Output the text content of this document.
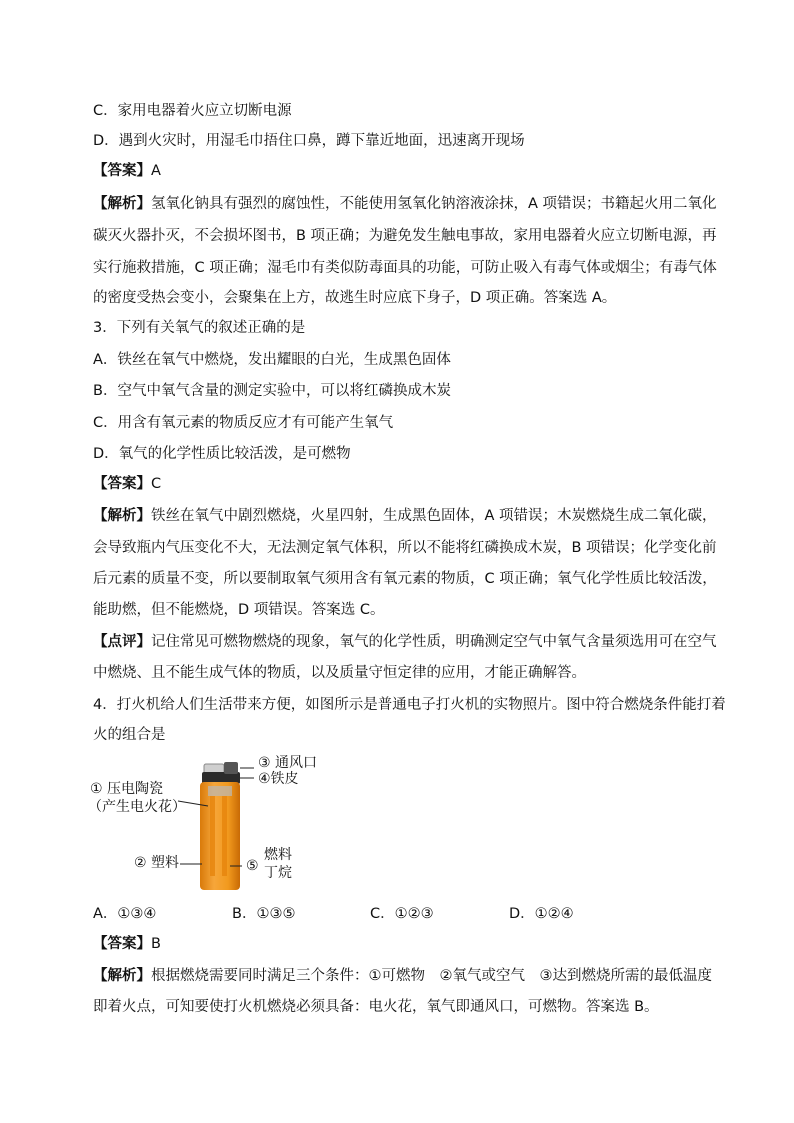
C．家用电器着火应立切断电源
D．遇到火灾时，用湿毛巾捂住口鼻，蹲下靠近地面，迅速离开现场
【答案】A
【解析】氢氧化钠具有强烈的腐蚀性，不能使用氢氧化钠溶液涂抹，A 项错误；书籍起火用二氧化
碳灭火器扑灭，不会损坏图书，B 项正确；为避免发生触电事故，家用电器着火应立切断电源，再
实行施救措施，C 项正确；湿毛巾有类似防毒面具的功能，可防止吸入有毒气体或烟尘；有毒气体
的密度受热会变小，会聚集在上方，故逃生时应底下身子，D 项正确。答案选 A。
3．下列有关氧气的叙述正确的是
A．铁丝在氧气中燃烧，发出耀眼的白光，生成黑色固体
B．空气中氧气含量的测定实验中，可以将红磷换成木炭
C．用含有氧元素的物质反应才有可能产生氧气
D．氧气的化学性质比较活泼，是可燃物
【答案】C
【解析】铁丝在氧气中剧烈燃烧，火星四射，生成黑色固体，A 项错误；木炭燃烧生成二氧化碳，
会导致瓶内气压变化不大，无法测定氧气体积，所以不能将红磷换成木炭，B 项错误；化学变化前
后元素的质量不变，所以要制取氧气须用含有氧元素的物质，C 项正确；氧气化学性质比较活泼，
能助燃，但不能燃烧，D 项错误。答案选 C。
【点评】记住常见可燃物燃烧的现象，氧气的化学性质，明确测定空气中氧气含量须选用可在空气
中燃烧、且不能生成气体的物质，以及质量守恒定律的应用，才能正确解答。
4．打火机给人们生活带来方便，如图所示是普通电子打火机的实物照片。图中符合燃烧条件能打着
火的组合是
③ 通风口
④铁皮
① 压电陶瓷
（产生电火花）
② 塑料	⑤
燃料
丁烷
A．①③④	B．①③⑤	C．①②③	D．①②④
【答案】B
【解析】根据燃烧需要同时满足三个条件：①可燃物　②氧气或空气　③达到燃烧所需的最低温度
即着火点，可知要使打火机燃烧必须具备：电火花，氧气即通风口，可燃物。答案选 B。
